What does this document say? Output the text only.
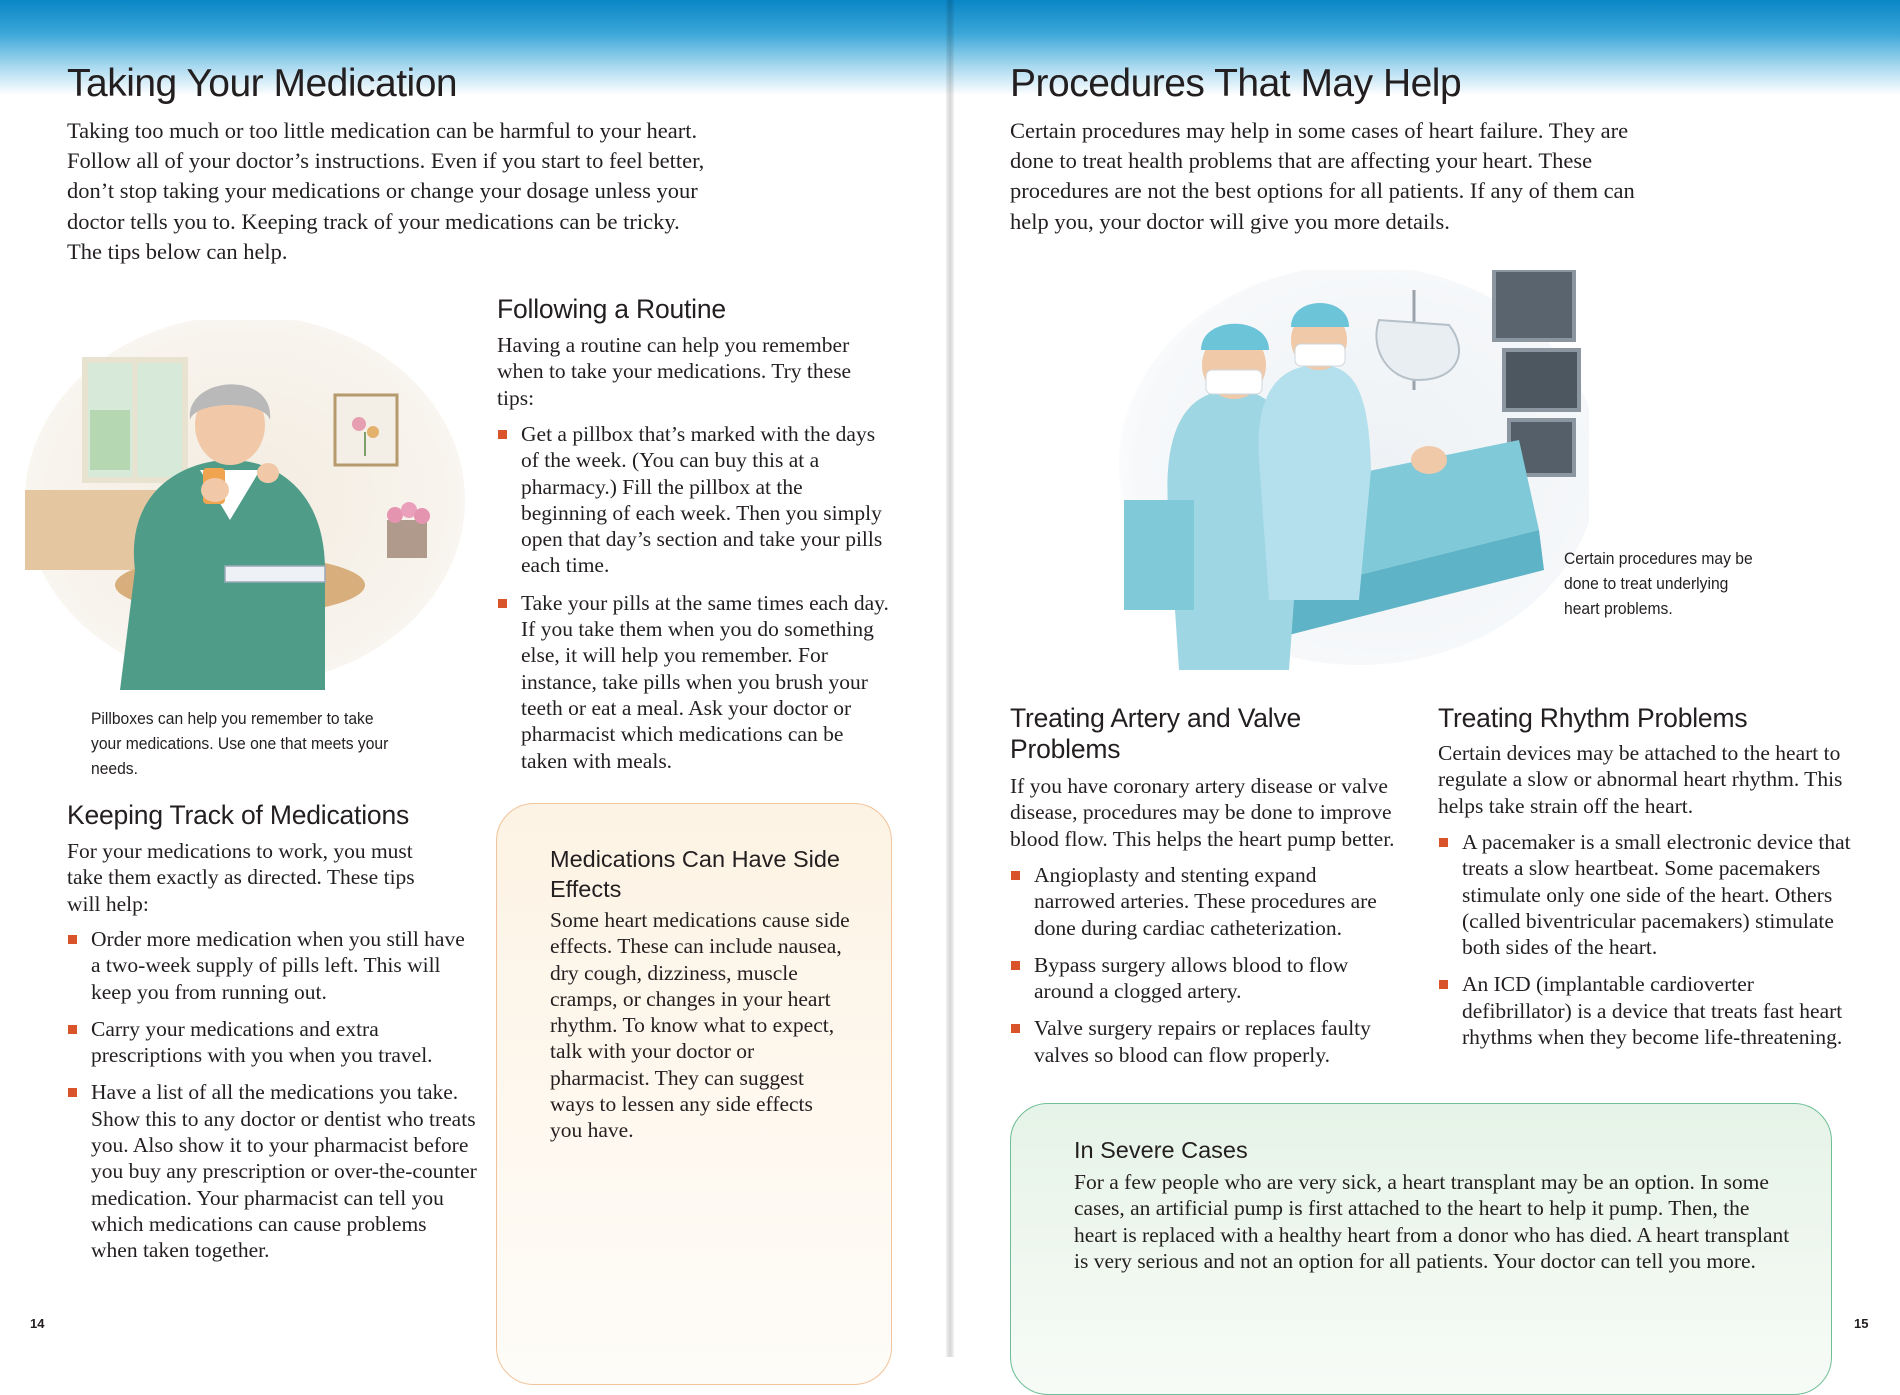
Taking Your Medication

Taking too much or too little medication can be harmful to your heart. Follow all of your doctor’s instructions. Even if you start to feel better, don’t stop taking your medications or change your dosage unless your doctor tells you to. Keeping track of your medications can be tricky. The tips below can help.

Pillboxes can help you remember to take your medications. Use one that meets your needs.
Following a Routine

Having a routine can help you remember when to take your medications. Try these tips:

Get a pillbox that’s marked with the days of the week. (You can buy this at a pharmacy.) Fill the pillbox at the beginning of each week. Then you simply open that day’s section and take your pills each time.
Take your pills at the same times each day. If you take them when you do something else, it will help you remember. For instance, take pills when you brush your teeth or eat a meal. Ask your doctor or pharmacist which medications can be taken with meals.
Keeping Track of Medications

For your medications to work, you must take them exactly as directed. These tips will help:

Order more medication when you still have a two-week supply of pills left. This will keep you from running out.
Carry your medications and extra prescriptions with you when you travel.
Have a list of all the medications you take. Show this to any doctor or dentist who treats you. Also show it to your pharmacist before you buy any prescription or over-the-counter medication. Your pharmacist can tell you which medications can cause problems when taken together.
Medications Can Have Side Effects

Some heart medications cause side effects. These can include nausea, dry cough, dizziness, muscle cramps, or changes in your heart rhythm. To know what to expect, talk with your doctor or pharmacist. They can suggest ways to lessen any side effects you have.

14
Procedures That May Help

Certain procedures may help in some cases of heart failure. They are done to treat health problems that are affecting your heart. These procedures are not the best options for all patients. If any of them can help you, your doctor will give you more details.

Certain procedures may be done to treat underlying heart problems.
Treating Artery and Valve Problems

If you have coronary artery disease or valve disease, procedures may be done to improve blood flow. This helps the heart pump better.

Angioplasty and stenting expand narrowed arteries. These procedures are done during cardiac catheterization.
Bypass surgery allows blood to flow around a clogged artery.
Valve surgery repairs or replaces faulty valves so blood can flow properly.
Treating Rhythm Problems

Certain devices may be attached to the heart to regulate a slow or abnormal heart rhythm. This helps take strain off the heart.

A pacemaker is a small electronic device that treats a slow heartbeat. Some pacemakers stimulate only one side of the heart. Others (called biventricular pacemakers) stimulate both sides of the heart.
An ICD (implantable cardioverter defibrillator) is a device that treats fast heart rhythms when they become life-threatening.
15
In Severe Cases

For a few people who are very sick, a heart transplant may be an option. In some cases, an artificial pump is first attached to the heart to help it pump. Then, the heart is replaced with a healthy heart from a donor who has died. A heart transplant is very serious and not an option for all patients. Your doctor can tell you more.
